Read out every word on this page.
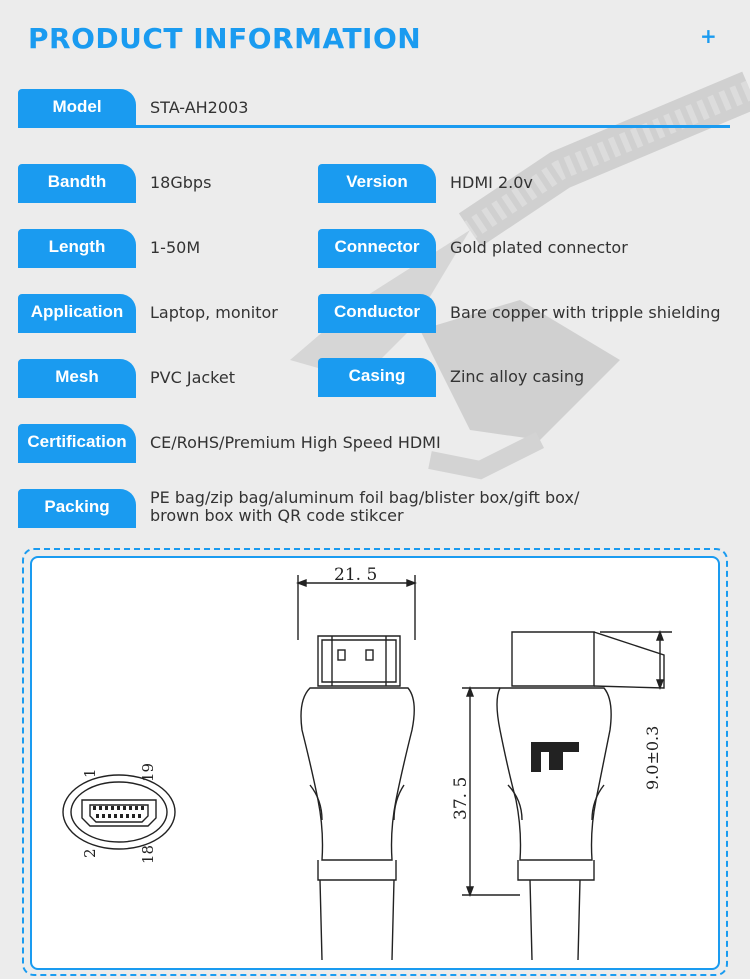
PRODUCT INFORMATION	+
Model	STA-AH2003
Bandth	18Gbps	Version	HDMI 2.0v
Length	1-50M	Connector	Gold plated connector
Application	Laptop, monitor	Conductor	Bare copper with tripple shielding
Mesh	PVC Jacket	Casing	Zinc alloy casing
Certification	CE/RoHS/Premium High Speed HDMI
Packing	PE bag/zip bag/aluminum foil bag/blister box/gift box/
brown box with QR code stikcer
21. 5
37. 5
9.0±0.3
1	19
2	18
